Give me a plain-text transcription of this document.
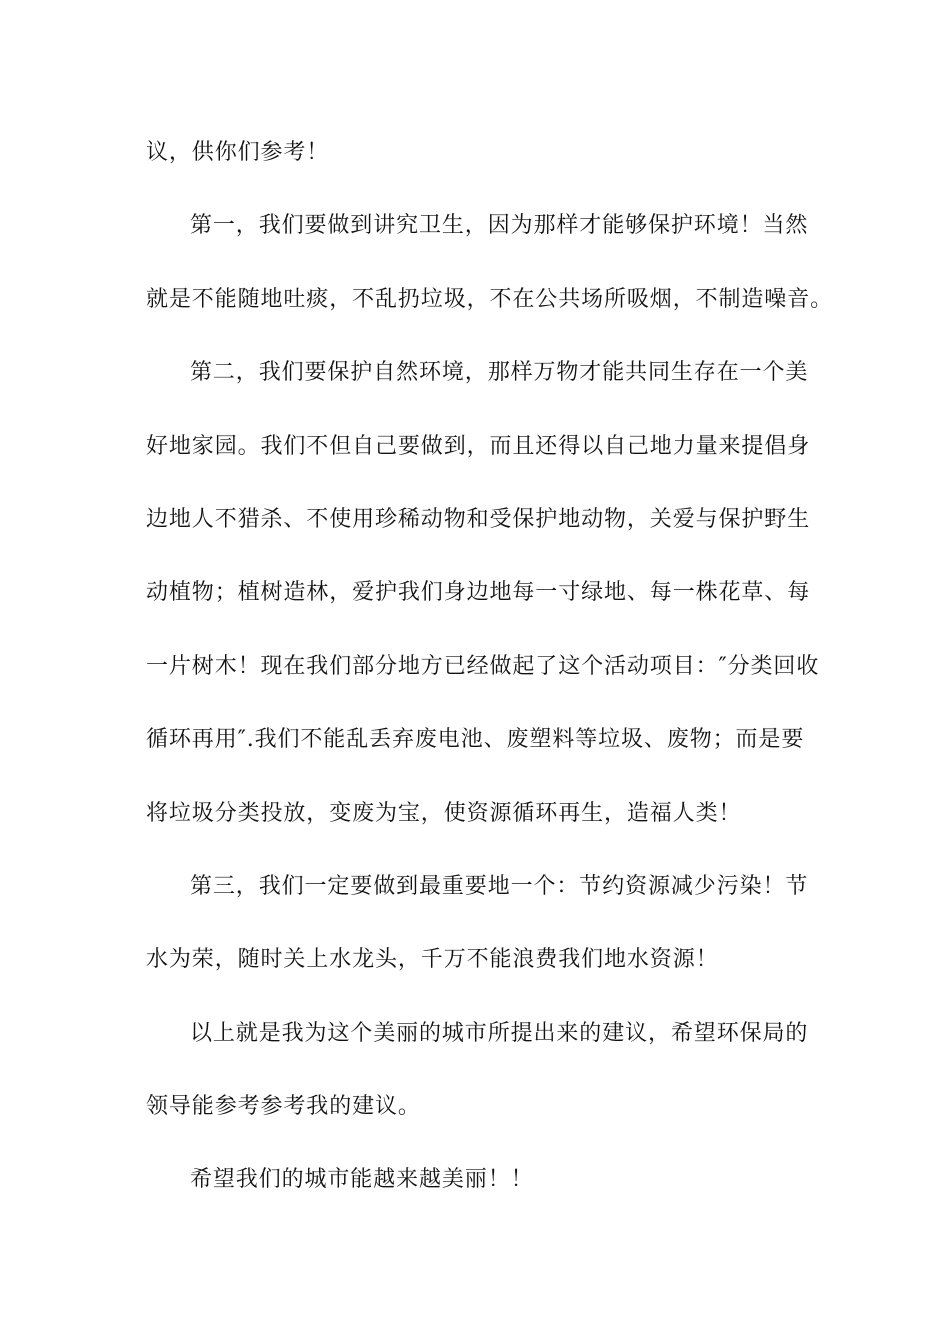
议，供你们参考！
第一，我们要做到讲究卫生，因为那样才能够保护环境！当然
就是不能随地吐痰，不乱扔垃圾，不在公共场所吸烟，不制造噪音。
第二，我们要保护自然环境，那样万物才能共同生存在一个美
好地家园。我们不但自己要做到，而且还得以自己地力量来提倡身
边地人不猎杀、不使用珍稀动物和受保护地动物，关爱与保护野生
动植物；植树造林，爱护我们身边地每一寸绿地、每一株花草、每
一片树木！现在我们部分地方已经做起了这个活动项目：″分类回收
循环再用″.我们不能乱丢弃废电池、废塑料等垃圾、废物；而是要
将垃圾分类投放，变废为宝，使资源循环再生，造福人类！
第三，我们一定要做到最重要地一个：节约资源减少污染！节
水为荣，随时关上水龙头，千万不能浪费我们地水资源！
以上就是我为这个美丽的城市所提出来的建议，希望环保局的
领导能参考参考我的建议。
希望我们的城市能越来越美丽！！
